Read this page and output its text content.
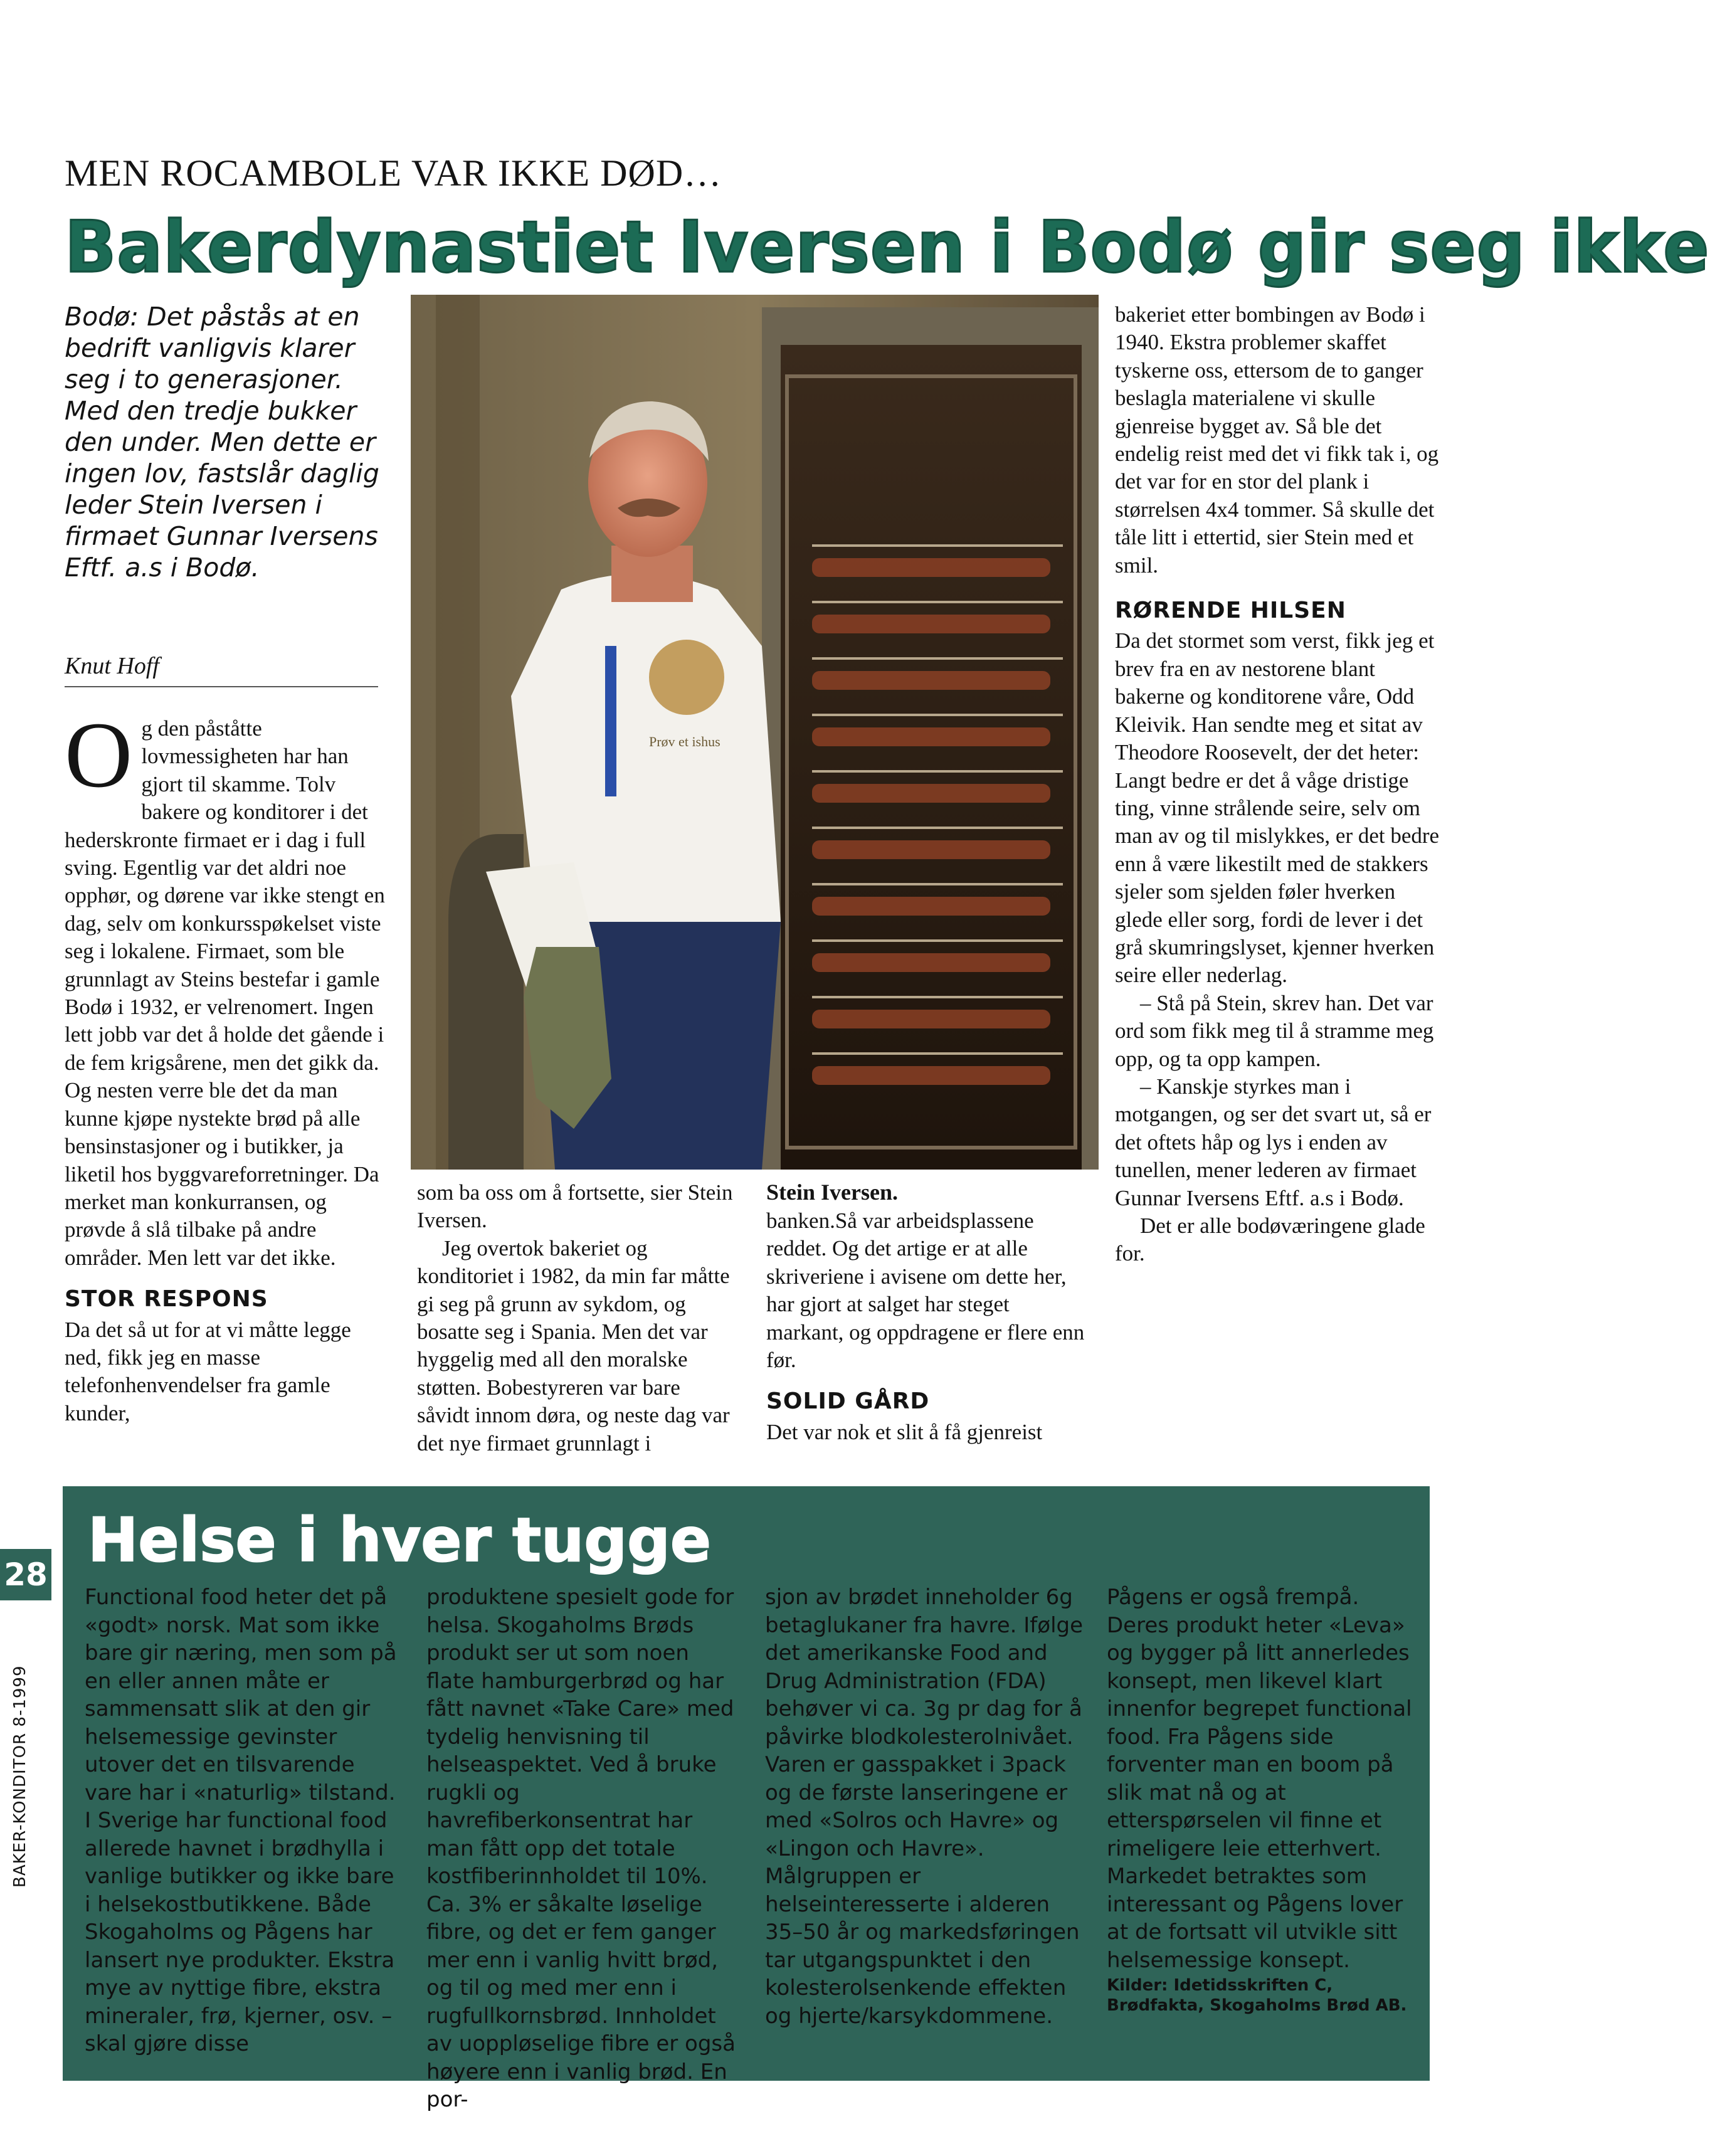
MEN ROCAMBOLE VAR IKKE DØD…
Bakerdynastiet Iversen i Bodø gir seg ikke
Bodø: Det påstås at en bedrift vanligvis klarer seg i to generasjoner. Med den tredje bukker den under. Men dette er ingen lov, fastslår daglig leder Stein Iversen i firmaet Gunnar Iversens Eftf. a.s i Bodø.
Knut Hoff

Og den påståtte lovmessigheten har han gjort til skamme. Tolv bakere og konditorer i det hederskronte firmaet er i dag i full sving. Egentlig var det aldri noe opphør, og dørene var ikke stengt en dag, selv om konkursspøkelset viste seg i lokalene. Firmaet, som ble grunnlagt av Steins bestefar i gamle Bodø i 1932, er velrenomert. Ingen lett jobb var det å holde det gående i de fem krigsårene, men det gikk da. Og nesten verre ble det da man kunne kjøpe nystekte brød på alle bensinstasjoner og i butikker, ja liketil hos byggvareforretninger. Da merket man konkurransen, og prøvde å slå tilbake på andre områder. Men lett var det ikke.

STOR RESPONS

Da det så ut for at vi måtte legge ned, fikk jeg en masse telefonhenvendelser fra gamle kunder,

Prøv et ishus

som ba oss om å fortsette, sier Stein Iversen.

Jeg overtok bakeriet og konditoriet i 1982, da min far måtte gi seg på grunn av sykdom, og bosatte seg i Spania. Men det var hyggelig med all den moralske støtten. Bobestyreren var bare såvidt innom døra, og neste dag var det nye firmaet grunnlagt i

Stein Iversen.

banken.Så var arbeidsplassene reddet. Og det artige er at alle skriveriene i avisene om dette her, har gjort at salget har steget markant, og oppdragene er flere enn før.

SOLID GÅRD

Det var nok et slit å få gjenreist

bakeriet etter bombingen av Bodø i 1940. Ekstra problemer skaffet tyskerne oss, ettersom de to ganger beslagla materialene vi skulle gjenreise bygget av. Så ble det endelig reist med det vi fikk tak i, og det var for en stor del plank i størrelsen 4x4 tommer. Så skulle det tåle litt i ettertid, sier Stein med et smil.

RØRENDE HILSEN

Da det stormet som verst, fikk jeg et brev fra en av nestorene blant bakerne og konditorene våre, Odd Kleivik. Han sendte meg et sitat av Theodore Roosevelt, der det heter: Langt bedre er det å våge dristige ting, vinne strålende seire, selv om man av og til mislykkes, er det bedre enn å være likestilt med de stakkers sjeler som sjelden føler hverken glede eller sorg, fordi de lever i det grå skumringslyset, kjenner hverken seire eller nederlag.

– Stå på Stein, skrev han. Det var ord som fikk meg til å stramme meg opp, og ta opp kampen.

– Kanskje styrkes man i motgangen, og ser det svart ut, så er det oftets håp og lys i enden av tunellen, mener lederen av firmaet Gunnar Iversens Eftf. a.s i Bodø.

Det er alle bodøværingene glade for.

Helse i hver tugge
Functional food heter det på «godt» norsk. Mat som ikke bare gir næring, men som på en eller annen måte er sammensatt slik at den gir helsemessige gevinster utover det en tilsvarende vare har i «naturlig» tilstand. I Sverige har functional food allerede havnet i brødhylla i vanlige butikker og ikke bare i helsekostbutikkene. Både Skogaholms og Pågens har lansert nye produkter. Ekstra mye av nyttige fibre, ekstra mineraler, frø, kjerner, osv. – skal gjøre disse
produktene spesielt gode for helsa. Skogaholms Brøds produkt ser ut som noen flate hamburgerbrød og har fått navnet «Take Care» med tydelig henvisning til helseaspektet. Ved å bruke rugkli og havrefiberkonsentrat har man fått opp det totale kostfiberinnholdet til 10%. Ca. 3% er såkalte løselige fibre, og det er fem ganger mer enn i vanlig hvitt brød, og til og med mer enn i rugfullkornsbrød. Innholdet av uoppløselige fibre er også høyere enn i vanlig brød. En por-
sjon av brødet inneholder 6g betaglukaner fra havre. Ifølge det amerikanske Food and Drug Administration (FDA) behøver vi ca. 3g pr dag for å påvirke blodkolesterolnivået. Varen er gasspakket i 3pack og de første lanseringene er med «Solros och Havre» og «Lingon och Havre». Målgruppen er helseinteresserte i alderen 35–50 år og markedsføringen tar utgangspunktet i den kolesterolsenkende effekten og hjerte/karsykdommene.
Pågens er også frempå. Deres produkt heter «Leva» og bygger på litt annerledes konsept, men likevel klart innenfor begrepet functional food. Fra Pågens side forventer man en boom på slik mat nå og at etterspørselen vil finne et rimeligere leie etterhvert. Markedet betraktes som interessant og Pågens lover at de fortsatt vil utvikle sitt helsemessige konsept.
Kilder: Idetidsskriften C, Brødfakta, Skogaholms Brød AB.
28
BAKER-KONDITOR 8-1999
